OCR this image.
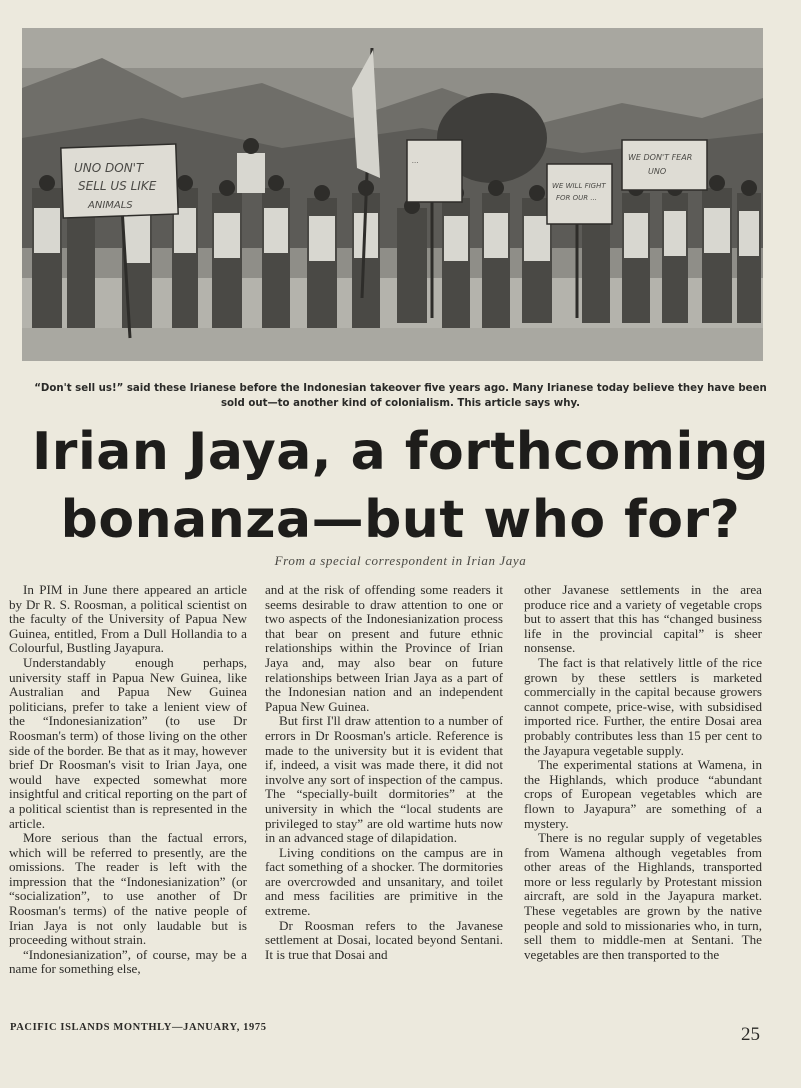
UNO DON'T
SELL US LIKE
ANIMALS
...
WE WILL FIGHT
FOR OUR ...
WE DON'T FEAR
UNO
“Don't sell us!” said these Irianese before the Indonesian takeover five years ago. Many Irianese today believe they have been sold out—to another kind of colonialism. This article says why.
Irian Jaya, a forthcoming bonanza—but who for?
From a special correspondent in Irian Jaya

In PIM in June there appeared an article by Dr R. S. Roosman, a political scientist on the faculty of the University of Papua New Guinea, entitled, From a Dull Hollandia to a Colourful, Bustling Jayapura.

Understandably enough perhaps, university staff in Papua New Guinea, like Australian and Papua New Guinea politicians, prefer to take a lenient view of the “Indonesianization” (to use Dr Roosman's term) of those living on the other side of the border. Be that as it may, however brief Dr Roosman's visit to Irian Jaya, one would have expected somewhat more insightful and critical reporting on the part of a political scientist than is represented in the article.

More serious than the factual errors, which will be referred to presently, are the omissions. The reader is left with the impression that the “Indonesianization” (or “socialization”, to use another of Dr Roosman's terms) of the native people of Irian Jaya is not only laudable but is proceeding without strain.

“Indonesianization”, of course, may be a name for something else,

and at the risk of offending some readers it seems desirable to draw attention to one or two aspects of the Indonesianization process that bear on present and future ethnic relationships within the Province of Irian Jaya and, may also bear on future relationships between Irian Jaya as a part of the Indonesian nation and an independent Papua New Guinea.

But first I'll draw attention to a number of errors in Dr Roosman's article. Reference is made to the university but it is evident that if, indeed, a visit was made there, it did not involve any sort of inspection of the campus. The “specially-built dormitories” at the university in which the “local students are privileged to stay” are old wartime huts now in an advanced stage of dilapidation.

Living conditions on the campus are in fact something of a shocker. The dormitories are overcrowded and unsanitary, and toilet and mess facilities are primitive in the extreme.

Dr Roosman refers to the Javanese settlement at Dosai, located beyond Sentani. It is true that Dosai and

other Javanese settlements in the area produce rice and a variety of vegetable crops but to assert that this has “changed business life in the provincial capital” is sheer nonsense.

The fact is that relatively little of the rice grown by these settlers is marketed commercially in the capital because growers cannot compete, price-wise, with subsidised imported rice. Further, the entire Dosai area probably contributes less than 15 per cent to the Jayapura vegetable supply.

The experimental stations at Wamena, in the Highlands, which produce “abundant crops of European vegetables which are flown to Jayapura” are something of a mystery.

There is no regular supply of vegetables from Wamena although vegetables from other areas of the Highlands, transported more or less regularly by Protestant mission aircraft, are sold in the Jayapura market. These vegetables are grown by the native people and sold to missionaries who, in turn, sell them to middle-men at Sentani. The vegetables are then transported to the

PACIFIC ISLANDS MONTHLY—JANUARY, 1975	25
